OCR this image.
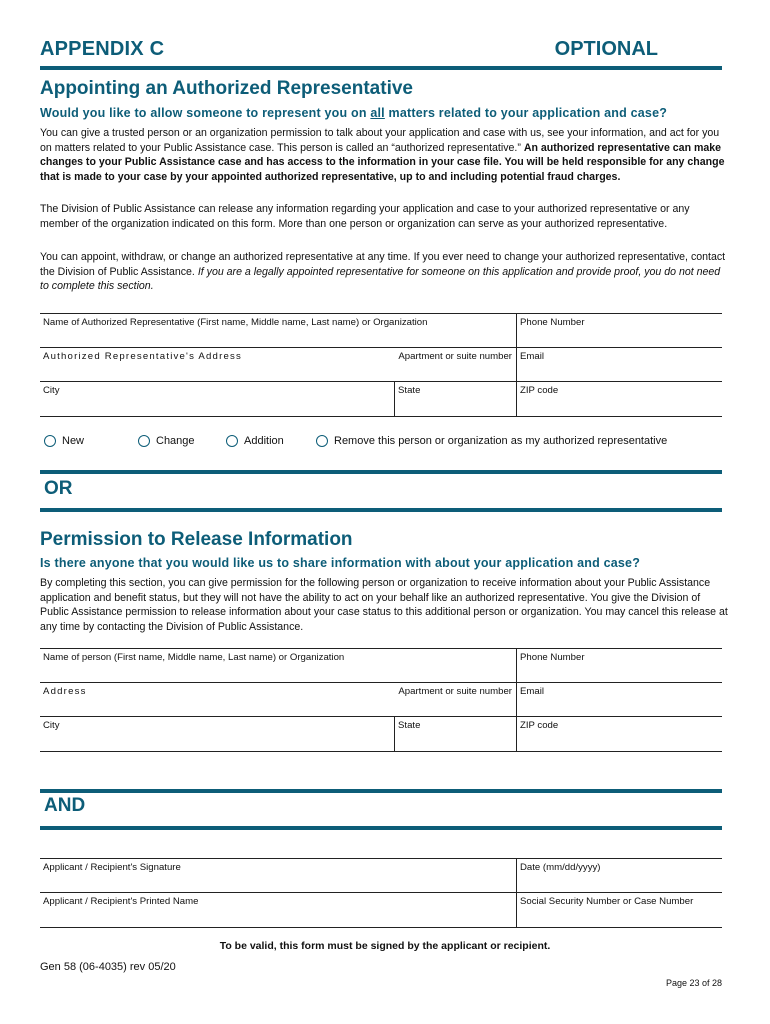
APPENDIX C	OPTIONAL
Appointing an Authorized Representative
Would you like to allow someone to represent you on all matters related to your application and case?
You can give a trusted person or an organization permission to talk about your application and case with us, see your information, and act for you on matters related to your Public Assistance case. This person is called an “authorized representative.” An authorized representative can make changes to your Public Assistance case and has access to the information in your case file. You will be held responsible for any change that is made to your case by your appointed authorized representative, up to and including potential fraud charges.
The Division of Public Assistance can release any information regarding your application and case to your authorized representative or any member of the organization indicated on this form. More than one person or organization can serve as your authorized representative.
You can appoint, withdraw, or change an authorized representative at any time. If you ever need to change your authorized representative, contact the Division of Public Assistance. If you are a legally appointed representative for someone on this application and provide proof, you do not need to complete this section.
Name of Authorized Representative (First name, Middle name, Last name) or Organization	Phone Number
Authorized Representative's Address	Apartment or suite number Email
City	State	ZIP code
New	Change	Addition	Remove this person or organization as my authorized representative
OR
Permission to Release Information
Is there anyone that you would like us to share information with about your application and case?
By completing this section, you can give permission for the following person or organization to receive information about your Public Assistance application and benefit status, but they will not have the ability to act on your behalf like an authorized representative. You give the Division of Public Assistance permission to release information about your case status to this additional person or organization. You may cancel this release at any time by contacting the Division of Public Assistance.
Name of person (First name, Middle name, Last name) or Organization	Phone Number
Address	Apartment or suite number Email
City	State	ZIP code
AND
Applicant / Recipient's Signature	Date (mm/dd/yyyy)
Applicant / Recipient's Printed Name	Social Security Number or Case Number
To be valid, this form must be signed by the applicant or recipient.
Gen 58 (06-4035) rev 05/20
Page 23 of 28
